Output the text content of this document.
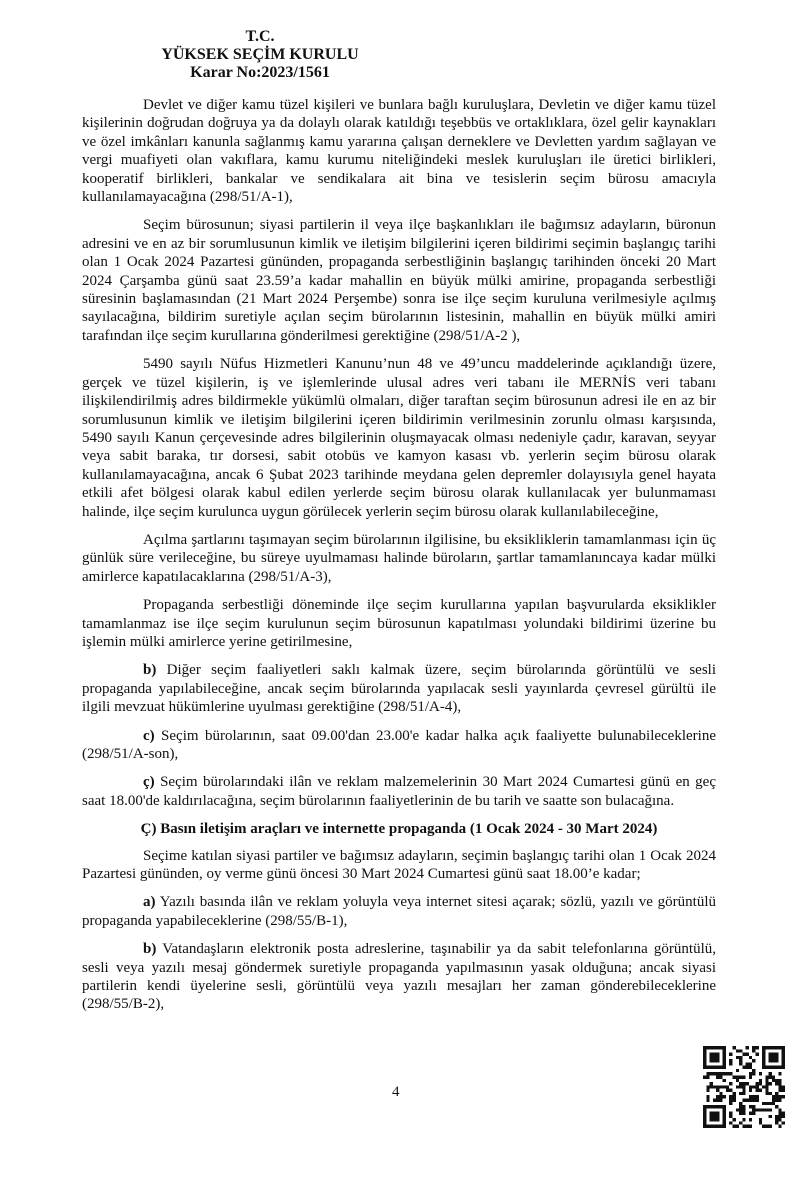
T.C.
YÜKSEK SEÇİM KURULU
Karar No:2023/1561

Devlet ve diğer kamu tüzel kişileri ve bunlara bağlı kuruluşlara, Devletin ve diğer kamu tüzel kişilerinin doğrudan doğruya ya da dolaylı olarak katıldığı teşebbüs ve ortaklıklara, özel gelir kaynakları ve özel imkânları kanunla sağlanmış kamu yararına çalışan derneklere ve Devletten yardım sağlayan ve vergi muafiyeti olan vakıflara, kamu kurumu niteliğindeki meslek kuruluşları ile üretici birlikleri, kooperatif birlikleri, bankalar ve sendikalara ait bina ve tesislerin seçim bürosu amacıyla kullanılamayacağına (298/51/A-1),

Seçim bürosunun; siyasi partilerin il veya ilçe başkanlıkları ile bağımsız adayların, büronun adresini ve en az bir sorumlusunun kimlik ve iletişim bilgilerini içeren bildirimi seçimin başlangıç tarihi olan 1 Ocak 2024 Pazartesi gününden, propaganda serbestliğinin başlangıç tarihinden önceki 20 Mart 2024 Çarşamba günü saat 23.59’a kadar mahallin en büyük mülki amirine, propaganda serbestliği süresinin başlamasından (21 Mart 2024 Perşembe) sonra ise ilçe seçim kuruluna verilmesiyle açılmış sayılacağına, bildirim suretiyle açılan seçim bürolarının listesinin, mahallin en büyük mülki amiri tarafından ilçe seçim kurullarına gönderilmesi gerektiğine (298/51/A-2 ),

5490 sayılı Nüfus Hizmetleri Kanunu’nun 48 ve 49’uncu maddelerinde açıklandığı üzere, gerçek ve tüzel kişilerin, iş ve işlemlerinde ulusal adres veri tabanı ile MERNİS veri tabanı ilişkilendirilmiş adres bildirmekle yükümlü olmaları, diğer taraftan seçim bürosunun adresi ile en az bir sorumlusunun kimlik ve iletişim bilgilerini içeren bildirimin verilmesinin zorunlu olması karşısında, 5490 sayılı Kanun çerçevesinde adres bilgilerinin oluşmayacak olması nedeniyle çadır, karavan, seyyar veya sabit baraka, tır dorsesi, sabit otobüs ve kamyon kasası vb. yerlerin seçim bürosu olarak kullanılamayacağına, ancak 6 Şubat 2023 tarihinde meydana gelen depremler dolayısıyla genel hayata etkili afet bölgesi olarak kabul edilen yerlerde seçim bürosu olarak kullanılacak yer bulunmaması halinde, ilçe seçim kurulunca uygun görülecek yerlerin seçim bürosu olarak kullanılabileceğine,

Açılma şartlarını taşımayan seçim bürolarının ilgilisine, bu eksikliklerin tamamlanması için üç günlük süre verileceğine, bu süreye uyulmaması halinde büroların, şartlar tamamlanıncaya kadar mülki amirlerce kapatılacaklarına (298/51/A-3),

Propaganda serbestliği döneminde ilçe seçim kurullarına yapılan başvurularda eksiklikler tamamlanmaz ise ilçe seçim kurulunun seçim bürosunun kapatılması yolundaki bildirimi üzerine bu işlemin mülki amirlerce yerine getirilmesine,

b) Diğer seçim faaliyetleri saklı kalmak üzere, seçim bürolarında görüntülü ve sesli propaganda yapılabileceğine, ancak seçim bürolarında yapılacak sesli yayınlarda çevresel gürültü ile ilgili mevzuat hükümlerine uyulması gerektiğine (298/51/A-4),

c) Seçim bürolarının, saat 09.00'dan 23.00'e kadar halka açık faaliyette bulunabileceklerine (298/51/A-son),

ç) Seçim bürolarındaki ilân ve reklam malzemelerinin 30 Mart 2024 Cumartesi günü en geç saat 18.00'de kaldırılacağına, seçim bürolarının faaliyetlerinin de bu tarih ve saatte son bulacağına.

Ç) Basın iletişim araçları ve internette propaganda (1 Ocak 2024 - 30 Mart 2024)

Seçime katılan siyasi partiler ve bağımsız adayların, seçimin başlangıç tarihi olan 1 Ocak 2024 Pazartesi gününden, oy verme günü öncesi 30 Mart 2024 Cumartesi günü saat 18.00’e kadar;

a) Yazılı basında ilân ve reklam yoluyla veya internet sitesi açarak; sözlü, yazılı ve görüntülü propaganda yapabileceklerine (298/55/B-1),

b) Vatandaşların elektronik posta adreslerine, taşınabilir ya da sabit telefonlarına görüntülü, sesli veya yazılı mesaj göndermek suretiyle propaganda yapılmasının yasak olduğuna; ancak siyasi partilerin kendi üyelerine sesli, görüntülü veya yazılı mesajları her zaman gönderebileceklerine (298/55/B-2),

4
